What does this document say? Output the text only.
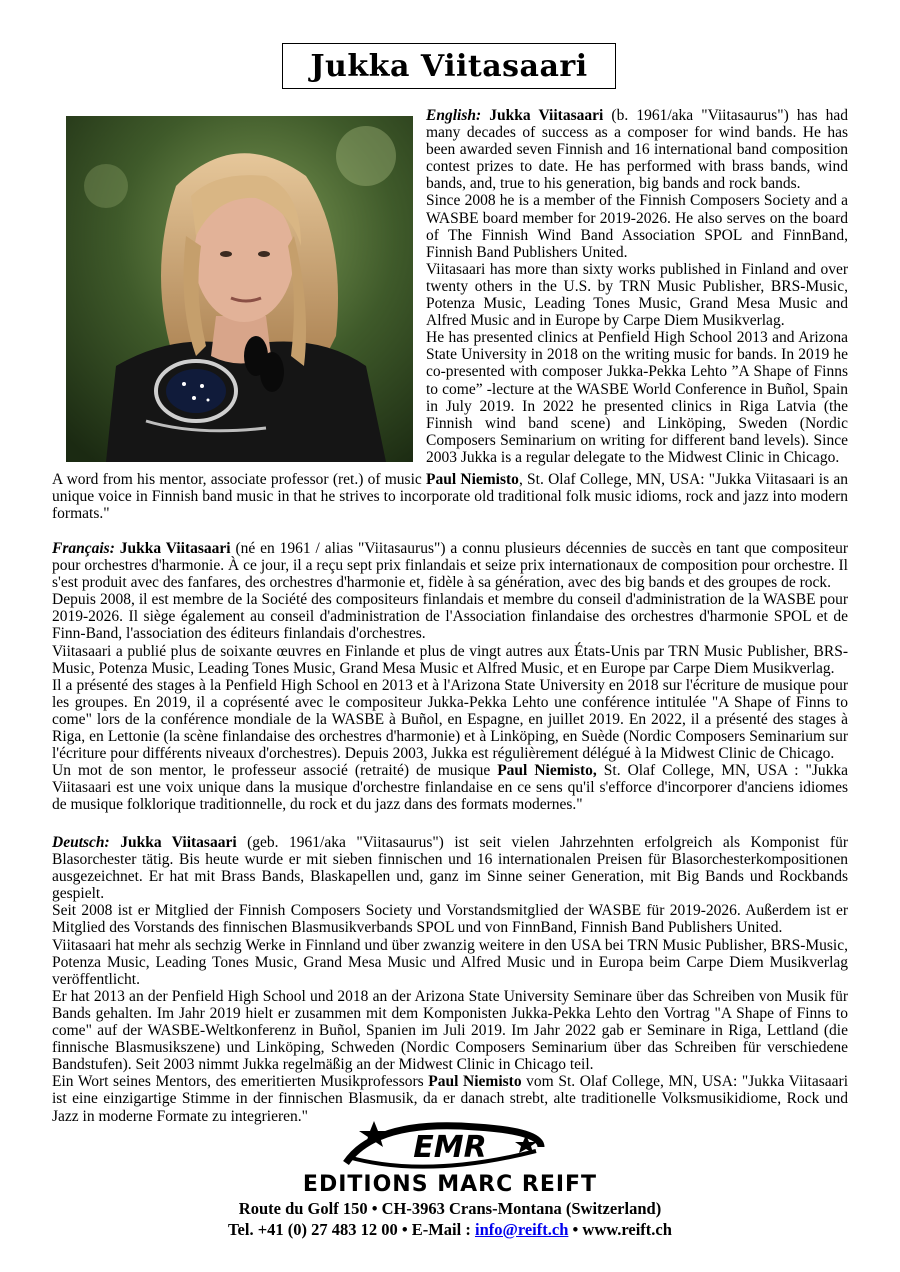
Jukka Viitasaari

English: Jukka Viitasaari (b. 1961/aka "Viitasaurus") has had many decades of success as a composer for wind bands. He has been awarded seven Finnish and 16 international band composition contest prizes to date. He has performed with brass bands, wind bands, and, true to his generation, big bands and rock bands.

Since 2008 he is a member of the Finnish Composers Society and a WASBE board member for 2019-2026. He also serves on the board of The Finnish Wind Band Association SPOL and FinnBand, Finnish Band Publishers United.

Viitasaari has more than sixty works published in Finland and over twenty others in the U.S. by TRN Music Publisher, BRS-Music, Potenza Music, Leading Tones Music, Grand Mesa Music and Alfred Music and in Europe by Carpe Diem Musikverlag.

He has presented clinics at Penfield High School 2013 and Arizona State University in 2018 on the writing music for bands. In 2019 he co-presented with composer Jukka-Pekka Lehto ”A Shape of Finns to come” -lecture at the WASBE World Conference in Buñol, Spain in July 2019. In 2022 he presented clinics in Riga Latvia (the Finnish wind band scene) and Linköping, Sweden (Nordic Composers Seminarium on writing for different band levels). Since 2003 Jukka is a regular delegate to the Midwest Clinic in Chicago.

A word from his mentor, associate professor (ret.) of music Paul Niemisto, St. Olaf College, MN, USA: "Jukka Viitasaari is an unique voice in Finnish band music in that he strives to incorporate old traditional folk music idioms, rock and jazz into modern formats."

Français: Jukka Viitasaari (né en 1961 / alias "Viitasaurus") a connu plusieurs décennies de succès en tant que compositeur pour orchestres d'harmonie. À ce jour, il a reçu sept prix finlandais et seize prix internationaux de composition pour orchestre. Il s'est produit avec des fanfares, des orchestres d'harmonie et, fidèle à sa génération, avec des big bands et des groupes de rock.

Depuis 2008, il est membre de la Société des compositeurs finlandais et membre du conseil d'administration de la WASBE pour 2019-2026. Il siège également au conseil d'administration de l'Association finlandaise des orchestres d'harmonie SPOL et de Finn-Band, l'association des éditeurs finlandais d'orchestres.

Viitasaari a publié plus de soixante œuvres en Finlande et plus de vingt autres aux États-Unis par TRN Music Publisher, BRS-Music, Potenza Music, Leading Tones Music, Grand Mesa Music et Alfred Music, et en Europe par Carpe Diem Musikverlag.

Il a présenté des stages à la Penfield High School en 2013 et à l'Arizona State University en 2018 sur l'écriture de musique pour les groupes. En 2019, il a coprésenté avec le compositeur Jukka-Pekka Lehto une conférence intitulée "A Shape of Finns to come" lors de la conférence mondiale de la WASBE à Buñol, en Espagne, en juillet 2019. En 2022, il a présenté des stages à Riga, en Lettonie (la scène finlandaise des orchestres d'harmonie) et à Linköping, en Suède (Nordic Composers Seminarium sur l'écriture pour différents niveaux d'orchestres). Depuis 2003, Jukka est régulièrement délégué à la Midwest Clinic de Chicago.

Un mot de son mentor, le professeur associé (retraité) de musique Paul Niemisto, St. Olaf College, MN, USA : "Jukka Viitasaari est une voix unique dans la musique d'orchestre finlandaise en ce sens qu'il s'efforce d'incorporer d'anciens idiomes de musique folklorique traditionnelle, du rock et du jazz dans des formats modernes."

Deutsch: Jukka Viitasaari (geb. 1961/aka "Viitasaurus") ist seit vielen Jahrzehnten erfolgreich als Komponist für Blasorchester tätig. Bis heute wurde er mit sieben finnischen und 16 internationalen Preisen für Blasorchesterkompositionen ausgezeichnet. Er hat mit Brass Bands, Blaskapellen und, ganz im Sinne seiner Generation, mit Big Bands und Rockbands gespielt.

Seit 2008 ist er Mitglied der Finnish Composers Society und Vorstandsmitglied der WASBE für 2019-2026. Außerdem ist er Mitglied des Vorstands des finnischen Blasmusikverbands SPOL und von FinnBand, Finnish Band Publishers United.

Viitasaari hat mehr als sechzig Werke in Finnland und über zwanzig weitere in den USA bei TRN Music Publisher, BRS-Music, Potenza Music, Leading Tones Music, Grand Mesa Music und Alfred Music und in Europa beim Carpe Diem Musikverlag veröffentlicht.

Er hat 2013 an der Penfield High School und 2018 an der Arizona State University Seminare über das Schreiben von Musik für Bands gehalten. Im Jahr 2019 hielt er zusammen mit dem Komponisten Jukka-Pekka Lehto den Vortrag "A Shape of Finns to come" auf der WASBE-Weltkonferenz in Buñol, Spanien im Juli 2019. Im Jahr 2022 gab er Seminare in Riga, Lettland (die finnische Blasmusikszene) und Linköping, Schweden (Nordic Composers Seminarium über das Schreiben für verschiedene Bandstufen). Seit 2003 nimmt Jukka regelmäßig an der Midwest Clinic in Chicago teil.

Ein Wort seines Mentors, des emeritierten Musikprofessors Paul Niemisto vom St. Olaf College, MN, USA: "Jukka Viitasaari ist eine einzigartige Stimme in der finnischen Blasmusik, da er danach strebt, alte traditionelle Volksmusikidiome, Rock und Jazz in moderne Formate zu integrieren."

EMR
EDITIONS MARC REIFT
Route du Golf 150 • CH-3963 Crans-Montana (Switzerland)
Tel. +41 (0) 27 483 12 00 • E-Mail : info@reift.ch • www.reift.ch
